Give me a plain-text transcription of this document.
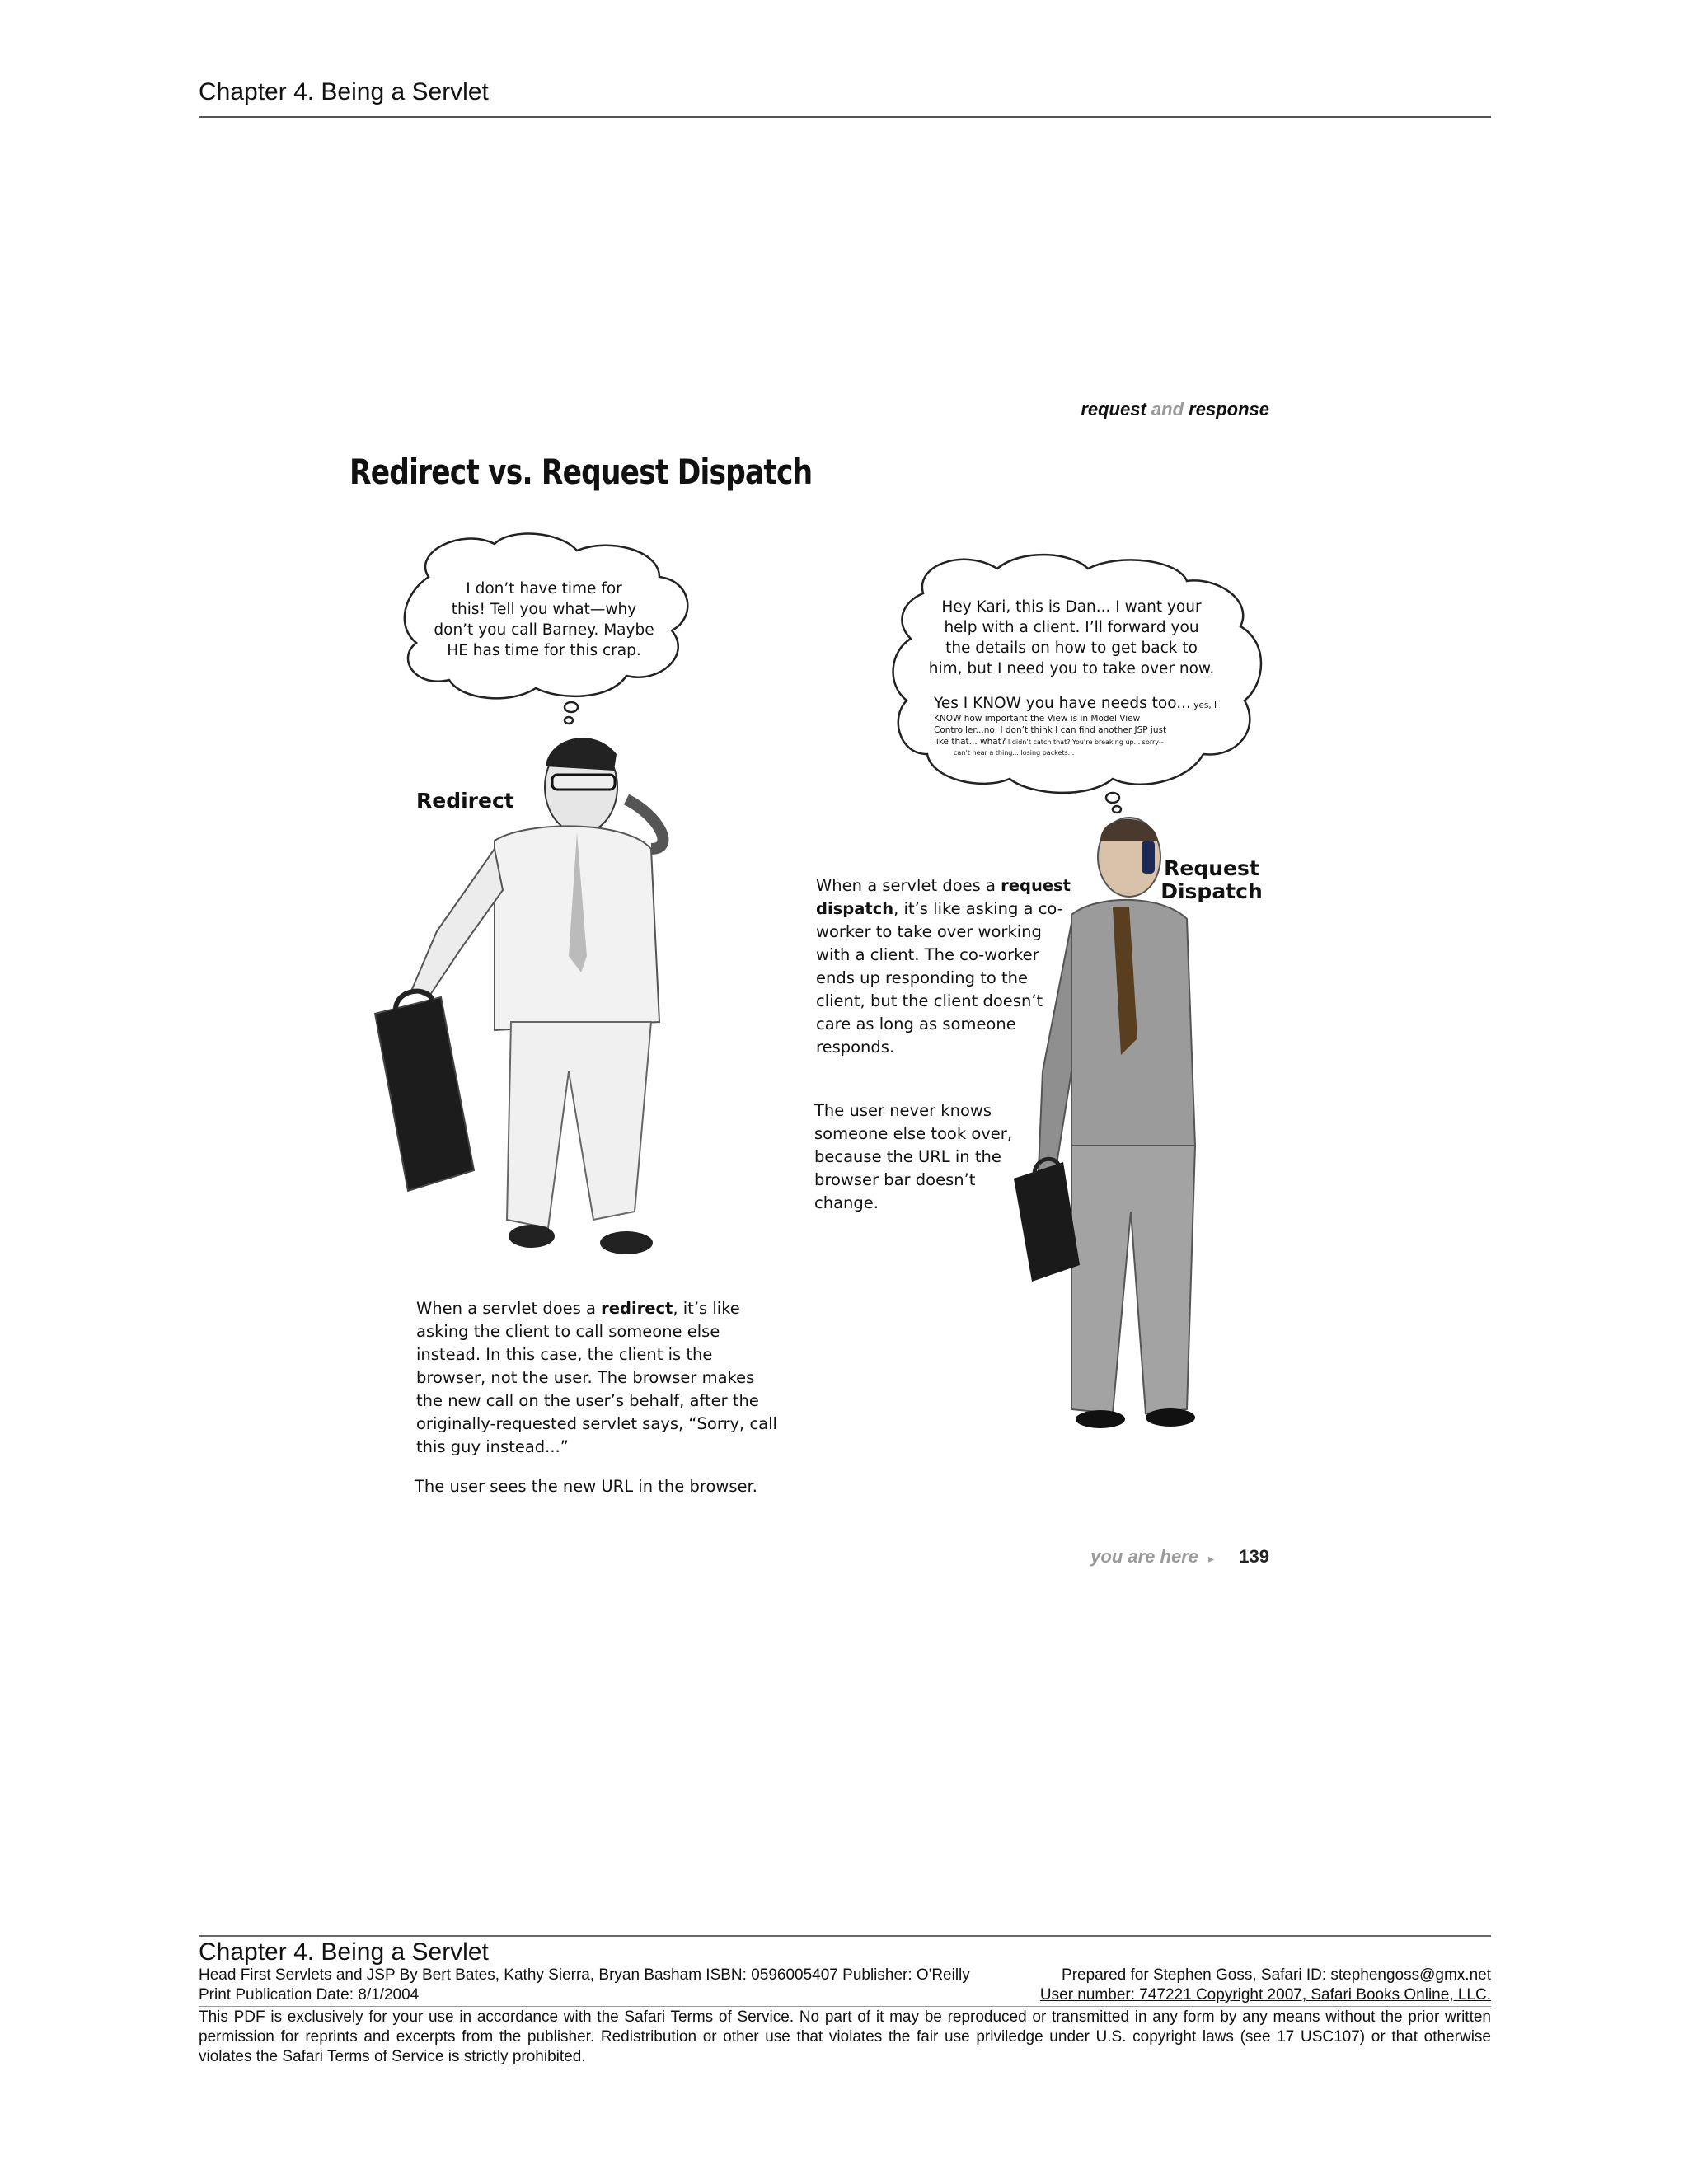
Chapter 4. Being a Servlet
request and response
Redirect vs. Request Dispatch
I don’t have time for
this! Tell you what—why
don’t you call Barney. Maybe
HE has time for this crap.
Hey Kari, this is Dan... I want your
help with a client. I’ll forward you
the details on how to get back to
him, but I need you to take over now.
Yes I KNOW you have needs too... yes, I
KNOW how important the View is in Model View
Controller...no, I don’t think I can find another JSP just
like that... what? I didn’t catch that? You’re breaking up... sorry--
can’t hear a thing... losing packets...
Redirect
Request
Dispatch
When a servlet does a request dispatch, it’s like asking a co-worker to take over working with a client. The co-worker ends up responding to the client, but the client doesn’t care as long as someone responds.
The user never knows someone else took over, because the URL in the browser bar doesn’t change.
When a servlet does a redirect, it’s like asking the client to call someone else instead. In this case, the client is the browser, not the user. The browser makes the new call on the user’s behalf, after the originally-requested servlet says, “Sorry, call this guy instead...”
The user sees the new URL in the browser.
you are here ▸ 139
Chapter 4. Being a Servlet
Head First Servlets and JSP By Bert Bates, Kathy Sierra, Bryan Basham ISBN: 0596005407 Publisher: O'Reilly	Prepared for Stephen Goss, Safari ID: stephengoss@gmx.net
Print Publication Date: 8/1/2004	User number: 747221 Copyright 2007, Safari Books Online, LLC.
This PDF is exclusively for your use in accordance with the Safari Terms of Service. No part of it may be reproduced or transmitted in any form by any means without the prior written permission for reprints and excerpts from the publisher. Redistribution or other use that violates the fair use priviledge under U.S. copyright laws (see 17 USC107) or that otherwise violates the Safari Terms of Service is strictly prohibited.
